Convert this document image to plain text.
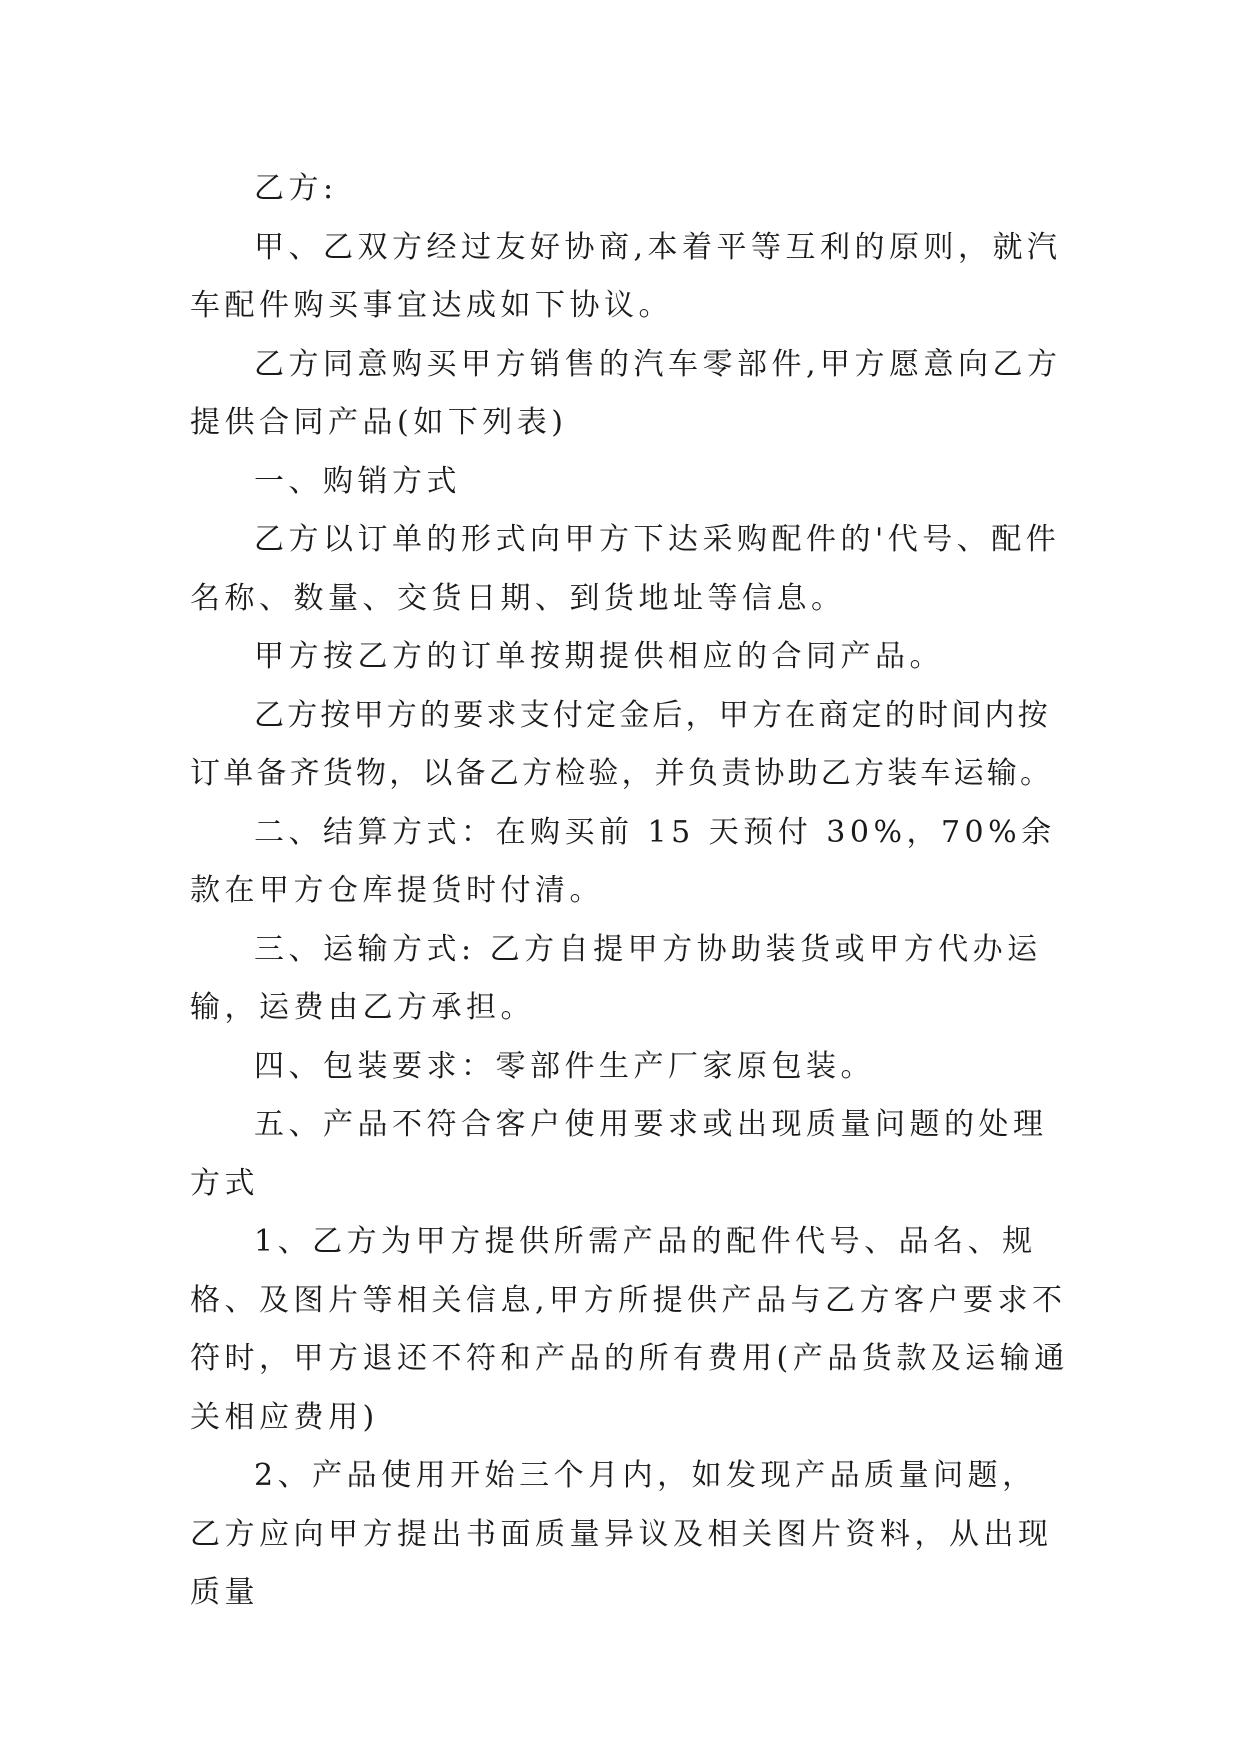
乙方:

甲、乙双方经过友好协商,本着平等互利的原则，就汽车配件购买事宜达成如下协议。

乙方同意购买甲方销售的汽车零部件,甲方愿意向乙方提供合同产品(如下列表)

一、购销方式

乙方以订单的形式向甲方下达采购配件的'代号、配件名称、数量、交货日期、到货地址等信息。

甲方按乙方的订单按期提供相应的合同产品。

乙方按甲方的要求支付定金后，甲方在商定的时间内按订单备齐货物，以备乙方检验，并负责协助乙方装车运输。

二、结算方式：在购买前 15 天预付 30%，70%余款在甲方仓库提货时付清。

三、运输方式: 乙方自提甲方协助装货或甲方代办运输，运费由乙方承担。

四、包装要求：零部件生产厂家原包装。

五、产品不符合客户使用要求或出现质量问题的处理方式

1、乙方为甲方提供所需产品的配件代号、品名、规格、及图片等相关信息,甲方所提供产品与乙方客户要求不符时，甲方退还不符和产品的所有费用(产品货款及运输通关相应费用)

2、产品使用开始三个月内，如发现产品质量问题，乙方应向甲方提出书面质量异议及相关图片资料，从出现质量
